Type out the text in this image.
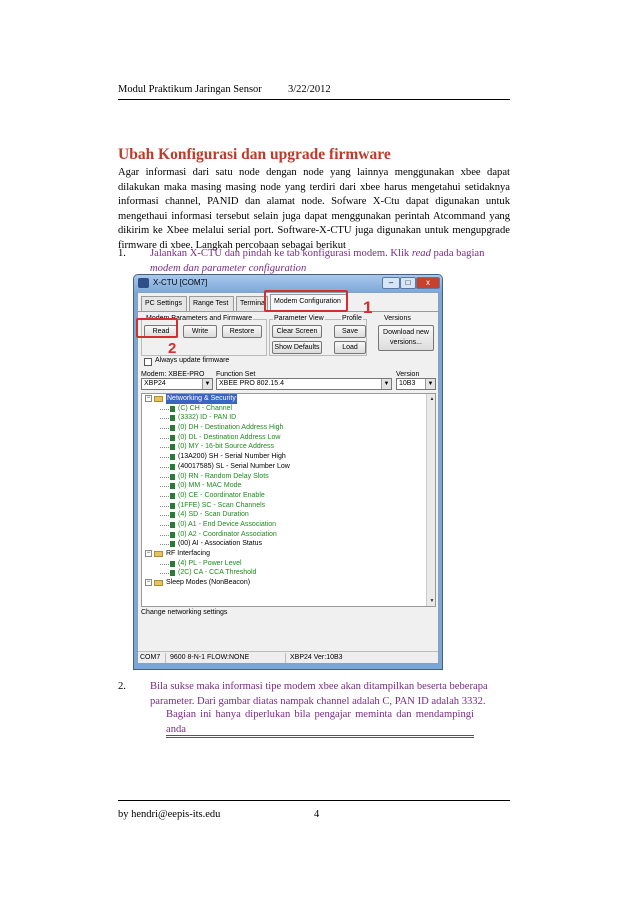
Modul Praktikum Jaringan Sensor 3/22/2012
Ubah Konfigurasi dan upgrade firmware
Agar informasi dari satu node dengan node yang lainnya menggunakan xbee dapat dilakukan maka masing masing node yang terdiri dari xbee harus mengetahui setidaknya informasi channel, PANID dan alamat node. Sofware X-Ctu dapat digunakan untuk mengethaui informasi tersebut selain juga dapat menggunakan perintah Atcommand yang dikirim ke Xbee melalui serial port. Software-X-CTU juga digunakan untuk mengupgrade firmware di xbee. Langkah percobaan sebagai berikut
1. Jalankan X-CTU dan pindah ke tab konfigurasi modem. Klik read pada bagian modem dan parameter configuration
X-CTU [COM7]	–	□	x
PC Settings	Range Test	Terminal	Modem Configuration
Modem Parameters and Firmware	Parameter View	Profile	Versions
Read	Write	Restore	Clear Screen
Show Defaults
Save
Load
Download new versions...
Always update firmware
Modem: XBEE-PRO Function Set	Version
XBP24	▼	XBEE PRO 802.15.4	▼	10B3	▼
− Networking & Security
(C) CH - Channel
(3332) ID - PAN ID
(0) DH - Destination Address High
(0) DL - Destination Address Low
(0) MY - 16-bit Source Address
(13A200) SH - Serial Number High
(40017585) SL - Serial Number Low
(0) RN - Random Delay Slots
(0) MM - MAC Mode
(0) CE - Coordinator Enable
(1FFE) SC - Scan Channels
(4) SD - Scan Duration
(0) A1 - End Device Association
(0) A2 - Coordinator Association
(00) AI - Association Status
− RF Interfacing
(4) PL - Power Level
(2C) CA - CCA Threshold
− Sleep Modes (NonBeacon)
▲
▼
Change networking settings
COM7	9600 8-N-1 FLOW:NONE	XBP24 Ver:10B3
1
2
2. Bila sukse maka informasi tipe modem xbee akan ditampilkan beserta beberapa parameter. Dari gambar diatas nampak channel adalah C, PAN ID adalah 3332.
Bagian ini hanya diperlukan bila pengajar meminta dan mendampingi anda
by hendri@eepis-its.edu	4
